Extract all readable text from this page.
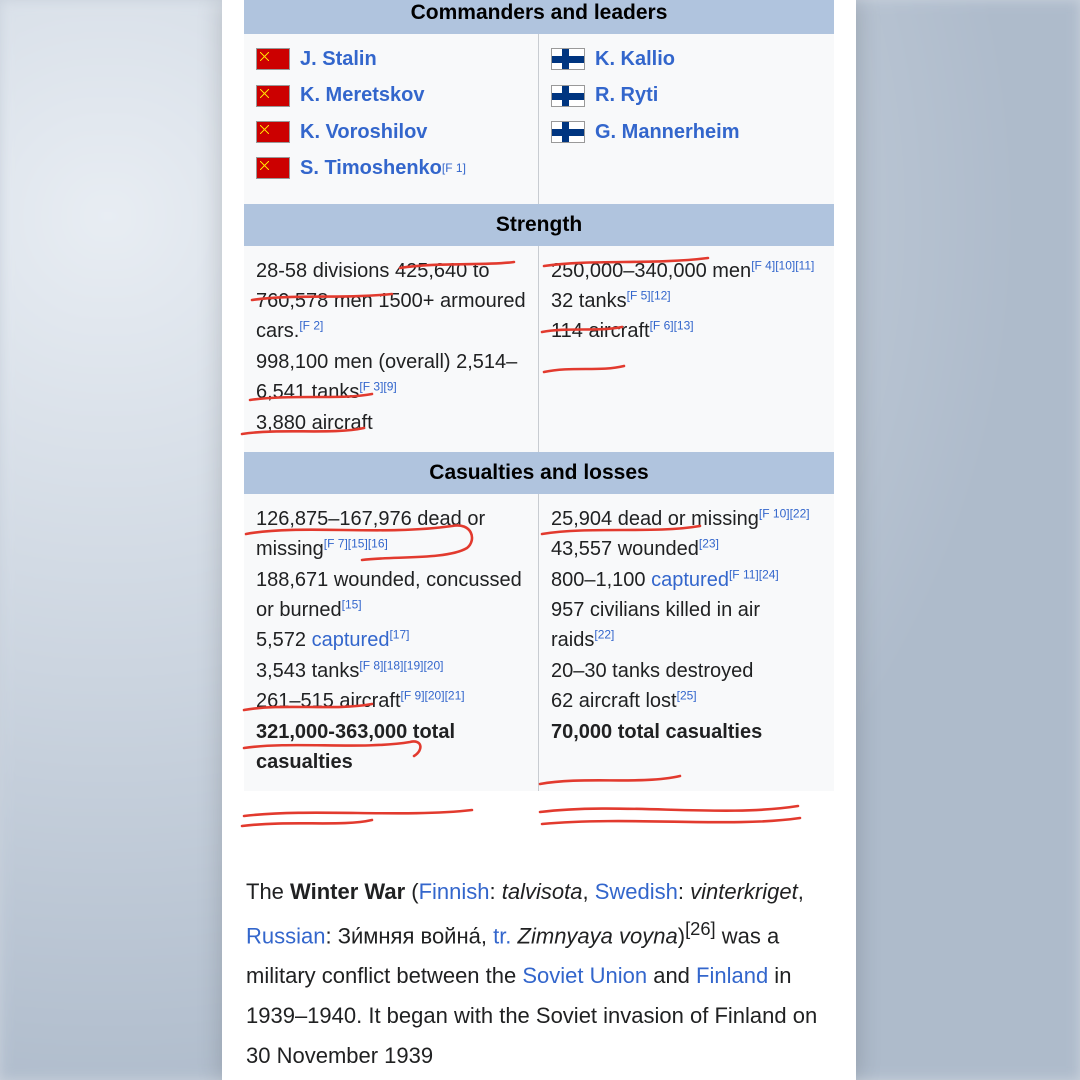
Commanders and leaders
J. Stalin
K. Meretskov
K. Voroshilov
S. Timoshenko [F 1]
K. Kallio
R. Ryti
G. Mannerheim
Strength
28-58 divisions 425,640 to 760,578 men 1500+ armoured cars.[F 2]
998,100 men (overall) 2,514–6,541 tanks[F 3][9]
3,880 aircraft
250,000–340,000 men[F 4][10][11]
32 tanks[F 5][12]
114 aircraft[F 6][13]
Casualties and losses
126,875–167,976 dead or missing[F 7][15][16]
188,671 wounded, concussed or burned[15]
5,572 captured[17]
3,543 tanks[F 8][18][19][20]
261–515 aircraft[F 9][20][21]
321,000-363,000 total casualties
25,904 dead or missing[F 10][22]
43,557 wounded[23]
800–1,100 captured[F 11][24]
957 civilians killed in air raids[22]
20–30 tanks destroyed
62 aircraft lost[25]
70,000 total casualties
The Winter War (Finnish: talvisota, Swedish: vinterkriget, Russian: Зи́мняя война́, tr. Zimnyaya voyna)[26] was a military conflict between the Soviet Union and Finland in 1939–1940. It began with the Soviet invasion of Finland on 30 November 1939
